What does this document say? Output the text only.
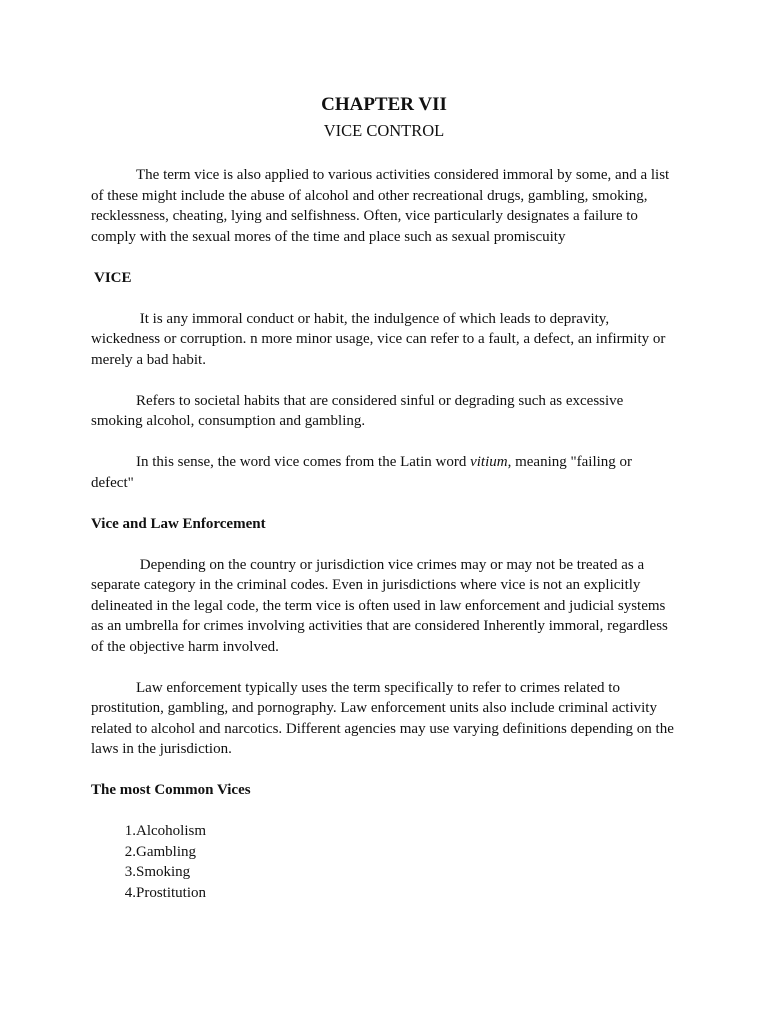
CHAPTER VII
VICE CONTROL

The term vice is also applied to various activities considered immoral by some, and a list of these might include the abuse of alcohol and other recreational drugs, gambling, smoking, recklessness, cheating, lying and selfishness. Often, vice particularly designates a failure to comply with the sexual mores of the time and place such as sexual promiscuity

VICE

It is any immoral conduct or habit, the indulgence of which leads to depravity, wickedness or corruption. n more minor usage, vice can refer to a fault, a defect, an infirmity or merely a bad habit.

Refers to societal habits that are considered sinful or degrading such as excessive smoking alcohol, consumption and gambling.

In this sense, the word vice comes from the Latin word vitium, meaning "failing or defect"

Vice and Law Enforcement

Depending on the country or jurisdiction vice crimes may or may not be treated as a separate category in the criminal codes. Even in jurisdictions where vice is not an explicitly delineated in the legal code, the term vice is often used in law enforcement and judicial systems as an umbrella for crimes involving activities that are considered Inherently immoral, regardless of the objective harm involved.

Law enforcement typically uses the term specifically to refer to crimes related to prostitution, gambling, and pornography. Law enforcement units also include criminal activity related to alcohol and narcotics. Different agencies may use varying definitions depending on the laws in the jurisdiction.

The most Common Vices

1. Alcoholism
2. Gambling
3. Smoking
4. Prostitution
